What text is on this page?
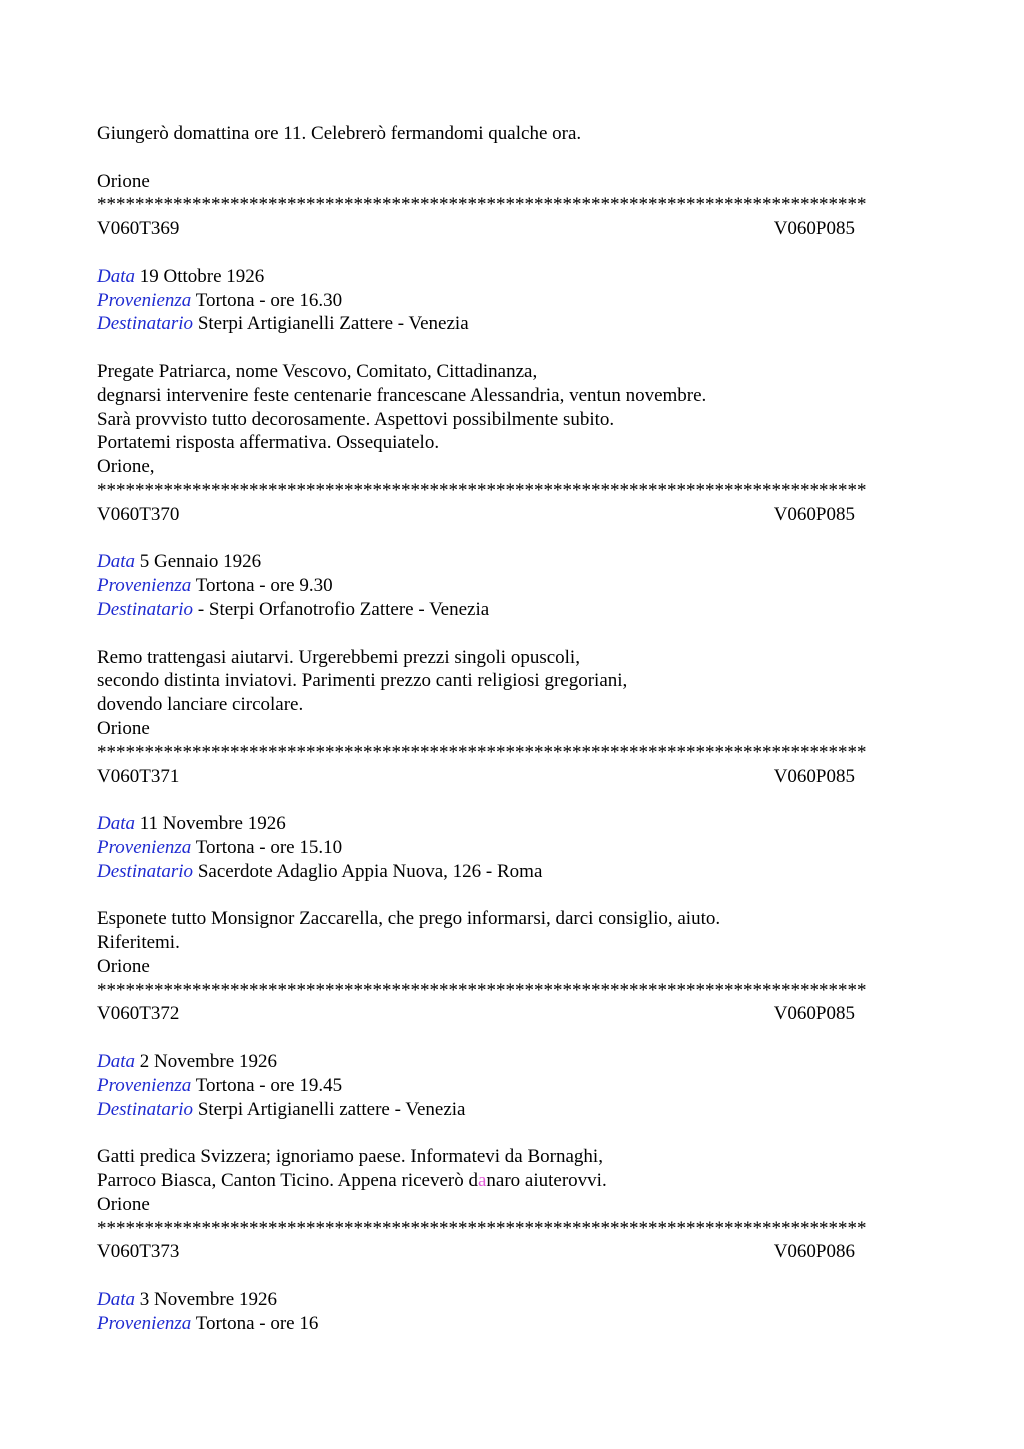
Giungerò domattina ore 11. Celebrerò fermandomi qualche ora.
Orione
*********************************************************************************
V060T369	V060P085
Data 19 Ottobre 1926
Provenienza Tortona - ore 16.30
Destinatario Sterpi Artigianelli Zattere - Venezia
Pregate Patriarca, nome Vescovo, Comitato, Cittadinanza,
degnarsi intervenire feste centenarie francescane Alessandria, ventun novembre.
Sarà provvisto tutto decorosamente. Aspettovi possibilmente subito.
Portatemi risposta affermativa. Ossequiatelo.
Orione,
*********************************************************************************
V060T370	V060P085
Data 5 Gennaio 1926
Provenienza Tortona - ore 9.30
Destinatario - Sterpi Orfanotrofio Zattere - Venezia
Remo trattengasi aiutarvi. Urgerebbemi prezzi singoli opuscoli,
secondo distinta inviatovi. Parimenti prezzo canti religiosi gregoriani,
dovendo lanciare circolare.
Orione
*********************************************************************************
V060T371	V060P085
Data 11 Novembre 1926
Provenienza Tortona - ore 15.10
Destinatario Sacerdote Adaglio Appia Nuova, 126 - Roma
Esponete tutto Monsignor Zaccarella, che prego informarsi, darci consiglio, aiuto.
Riferitemi.
Orione
*********************************************************************************
V060T372	V060P085
Data 2 Novembre 1926
Provenienza Tortona - ore 19.45
Destinatario Sterpi Artigianelli zattere - Venezia
Gatti predica Svizzera; ignoriamo paese. Informatevi da Bornaghi,
Parroco Biasca, Canton Ticino. Appena riceverò danaro aiuterovvi.
Orione
*********************************************************************************
V060T373	V060P086
Data 3 Novembre 1926
Provenienza Tortona - ore 16
